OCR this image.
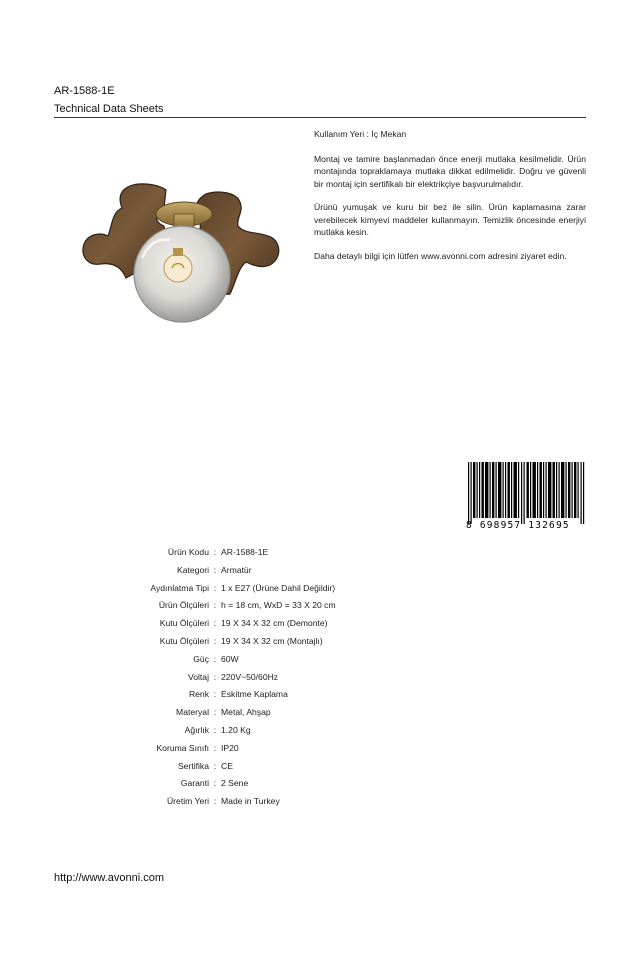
AR-1588-1E
Technical Data Sheets

Kullanım Yeri : İç Mekan

Montaj ve tamire başlanmadan önce enerji mutlaka kesilmelidir. Ürün montajında topraklamaya mutlaka dikkat edilmelidir. Doğru ve güvenli bir montaj için sertifikalı bir elektrikçiye başvurulmalıdır.

Ürünü yumuşak ve kuru bir bez ile silin. Ürün kaplamasına zarar verebilecek kimyevi maddeler kullanmayın. Temizlik öncesinde enerjiyi mutlaka kesin.

Daha detaylı bilgi için lütfen www.avonni.com adresini ziyaret edin.

8 698957 132695
Ürün Kodu : AR-1588-1E
Kategori : Armatür
Aydınlatma Tipi : 1 x E27 (Ürüne Dahil Değildir)
Ürün Ölçüleri : h = 18 cm, WxD = 33 X 20 cm
Kutu Ölçüleri : 19 X 34 X 32 cm (Demonte)
Kutu Ölçüleri : 19 X 34 X 32 cm (Montajlı)
Güç : 60W
Voltaj : 220V~50/60Hz
Renk : Eskitme Kaplama
Materyal : Metal, Ahşap
Ağırlık : 1.20 Kg
Koruma Sınıfı : IP20
Sertifika : CE
Garanti : 2 Sene
Üretim Yeri : Made in Turkey
http://www.avonni.com
